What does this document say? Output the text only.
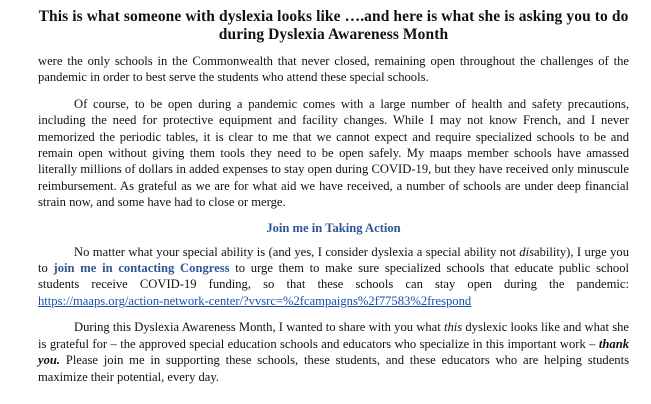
This is what someone with dyslexia looks like ….and here is what she is asking you to do
during Dyslexia Awareness Month

were the only schools in the Commonwealth that never closed, remaining open throughout the challenges of the pandemic in order to best serve the students who attend these special schools.

Of course, to be open during a pandemic comes with a large number of health and safety precautions, including the need for protective equipment and facility changes. While I may not know French, and I never memorized the periodic tables, it is clear to me that we cannot expect and require specialized schools to be and remain open without giving them tools they need to be open safely. My maaps member schools have amassed literally millions of dollars in added expenses to stay open during COVID-19, but they have received only minuscule reimbursement. As grateful as we are for what aid we have received, a number of schools are under deep financial strain now, and some have had to close or merge.

Join me in Taking Action

No matter what your special ability is (and yes, I consider dyslexia a special ability not disability), I urge you to join me in contacting Congress to urge them to make sure specialized schools that educate public school students receive COVID-19 funding, so that these schools can stay open during the pandemic: https://maaps.org/action-network-center/?vvsrc=%2fcampaigns%2f77583%2frespond

During this Dyslexia Awareness Month, I wanted to share with you what this dyslexic looks like and what she is grateful for – the approved special education schools and educators who specialize in this important work – thank you. Please join me in supporting these schools, these students, and these educators who are helping students maximize their potential, every day.
